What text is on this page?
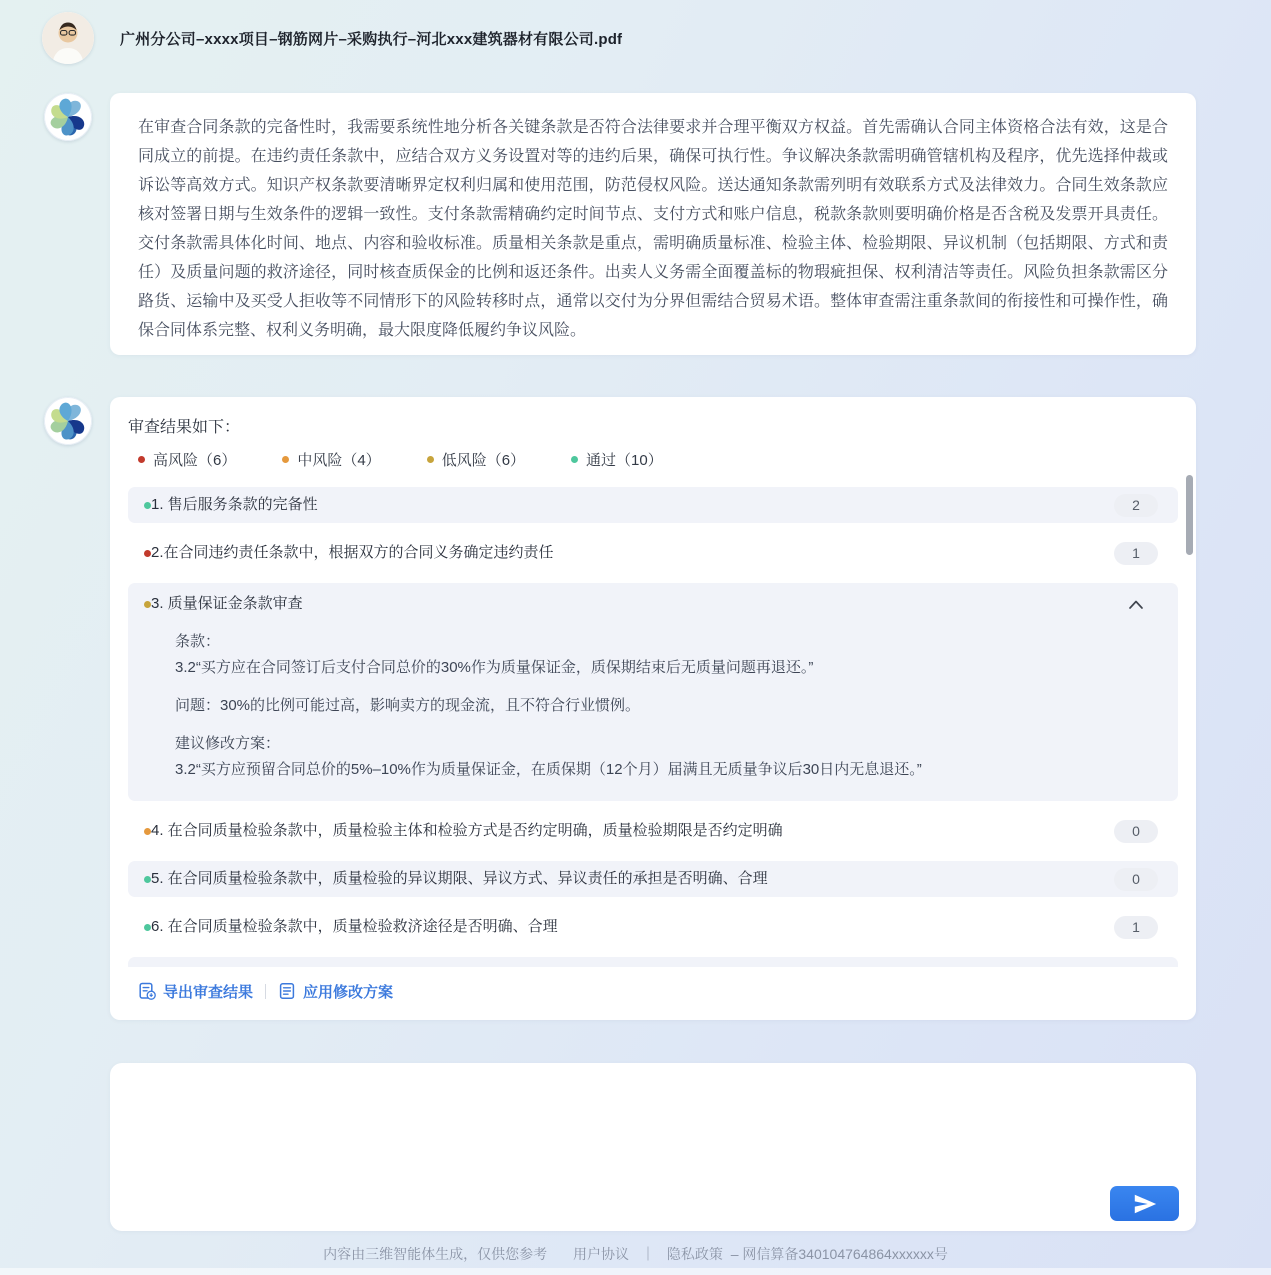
广州分公司–xxxx项目–钢筋网片–采购执行–河北xxx建筑器材有限公司.pdf

在审查合同条款的完备性时，我需要系统性地分析各关键条款是否符合法律要求并合理平衡双方权益。首先需确认合同主体资格合法有效，这是合同成立的前提。在违约责任条款中，应结合双方义务设置对等的违约后果，确保可执行性。争议解决条款需明确管辖机构及程序，优先选择仲裁或诉讼等高效方式。知识产权条款要清晰界定权利归属和使用范围，防范侵权风险。送达通知条款需列明有效联系方式及法律效力。合同生效条款应核对签署日期与生效条件的逻辑一致性。支付条款需精确约定时间节点、支付方式和账户信息，税款条款则要明确价格是否含税及发票开具责任。交付条款需具体化时间、地点、内容和验收标准。质量相关条款是重点，需明确质量标准、检验主体、检验期限、异议机制（包括期限、方式和责任）及质量问题的救济途径，同时核查质保金的比例和返还条件。出卖人义务需全面覆盖标的物瑕疵担保、权利清洁等责任。风险负担条款需区分路货、运输中及买受人拒收等不同情形下的风险转移时点，通常以交付为分界但需结合贸易术语。整体审查需注重条款间的衔接性和可操作性，确保合同体系完整、权利义务明确，最大限度降低履约争议风险。

审查结果如下：
高风险（6）	中风险（4）	低风险（6）	通过（10）
1. 售后服务条款的完备性	2
2.在合同违约责任条款中，根据双方的合同义务确定违约责任	1
3. 质量保证金条款审查
条款：
3.2“买方应在合同签订后支付合同总价的30%作为质量保证金，质保期结束后无质量问题再退还。”
问题：30%的比例可能过高，影响卖方的现金流，且不符合行业惯例。
建议修改方案：
3.2“买方应预留合同总价的5%–10%作为质量保证金，在质保期（12个月）届满且无质量争议后30日内无息退还。”
4. 在合同质量检验条款中，质量检验主体和检验方式是否约定明确，质量检验期限是否约定明确	0
5. 在合同质量检验条款中，质量检验的异议期限、异议方式、异议责任的承担是否明确、合理	0
6. 在合同质量检验条款中，质量检验救济途径是否明确、合理	1
导出审查结果	应用修改方案
内容由三维智能体生成，仅供您参考 用户协议 ｜ 隐私政策 – 网信算备340104764864xxxxxx号
